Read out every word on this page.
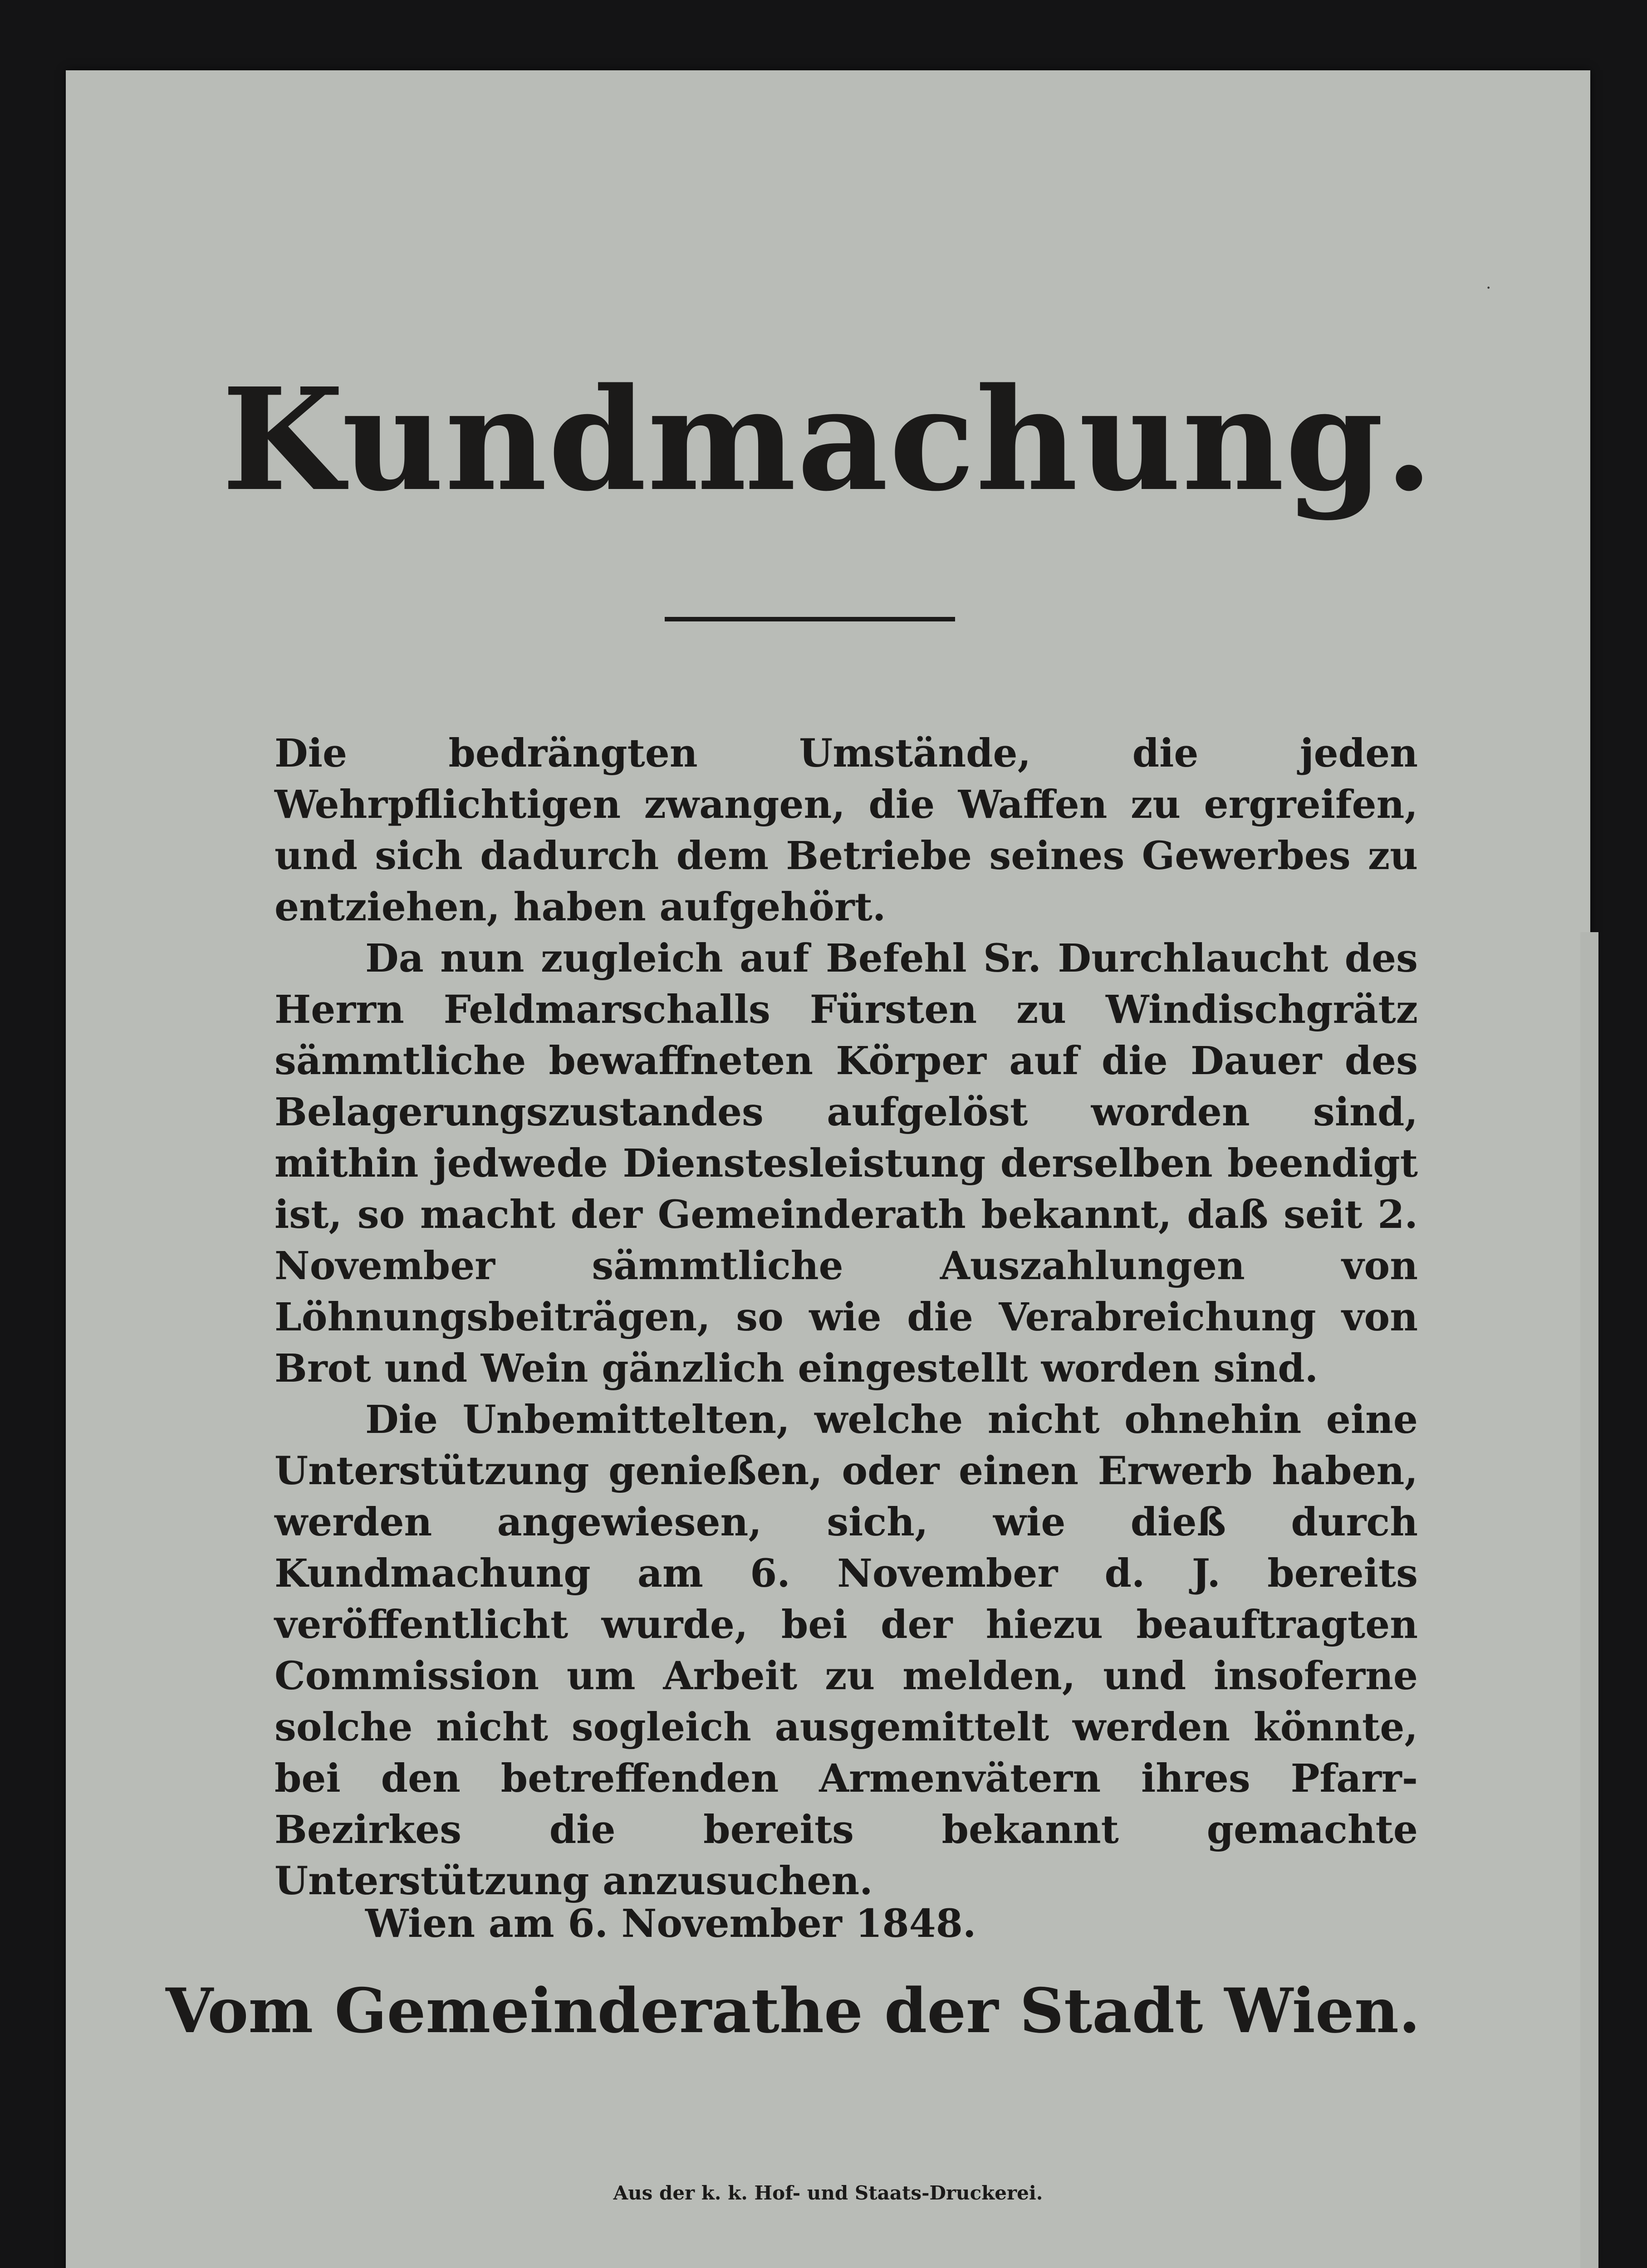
·
Kundmachung.

Die bedrängten Umstände, die jeden Wehrpflichtigen zwangen, die Waffen zu ergreifen, und sich dadurch dem Betriebe seines Gewerbes zu entziehen, haben aufgehört.

Da nun zugleich auf Befehl Sr. Durchlaucht des Herrn Feldmarschalls Fürsten zu Windischgrätz sämmtliche bewaffneten Körper auf die Dauer des Belagerungszustandes aufgelöst worden sind, mithin jedwede Dienstesleistung derselben beendigt ist, so macht der Gemeinderath bekannt, daß seit 2. November sämmtliche Auszahlungen von Löhnungsbeiträgen, so wie die Verabreichung von Brot und Wein gänzlich eingestellt worden sind.

Die Unbemittelten, welche nicht ohnehin eine Unterstützung genießen, oder einen Erwerb haben, werden angewiesen, sich, wie dieß durch Kundmachung am 6. November d. J. bereits veröffentlicht wurde, bei der hiezu beauftragten Commission um Arbeit zu melden, und insoferne solche nicht sogleich ausgemittelt werden könnte, bei den betreffenden Armenvätern ihres Pfarr-Bezirkes die bereits bekannt gemachte Unterstützung anzusuchen.

Wien am 6. November 1848.
Vom Gemeinderathe der Stadt Wien.
Aus der k. k. Hof- und Staats-Druckerei.
